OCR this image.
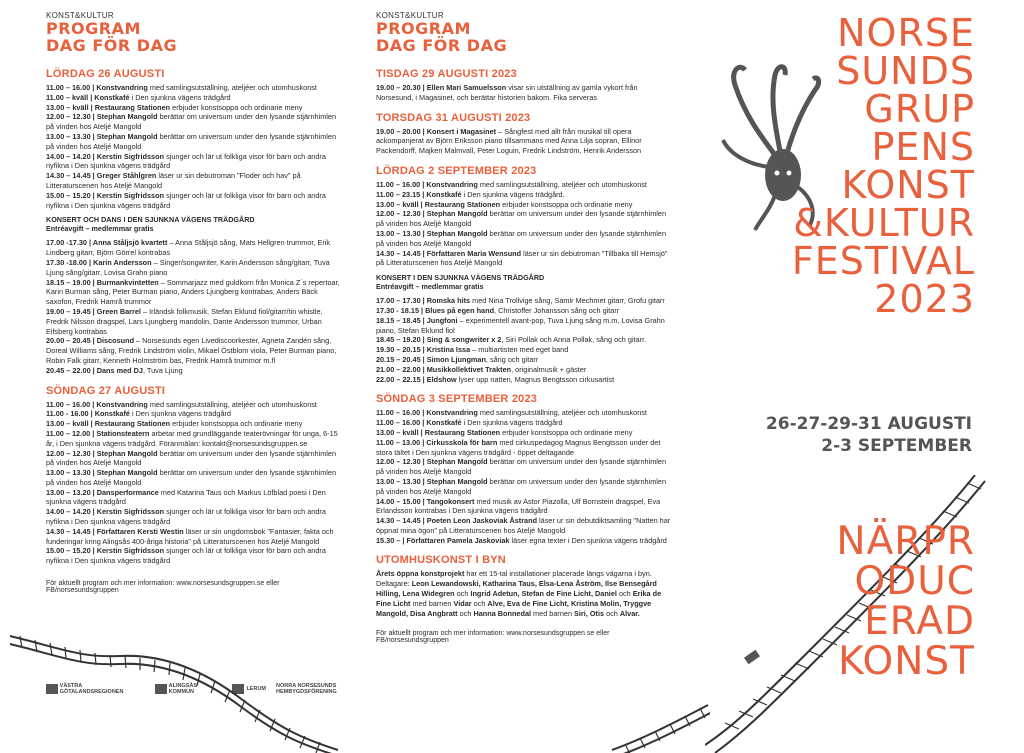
KONST&KULTUR
PROGRAM
DAG FÖR DAG
LÖRDAG 26 AUGUSTI
11.00 – 16.00 | Konstvandring med samlingsutställning, ateljéer och utomhuskonst
11.00 – kväll | Konstkafé i Den sjunkna vägens trädgård
13.00 – kväll | Restaurang Stationen erbjuder konstsoppa och ordinarie meny
12.00 – 12.30 | Stephan Mangold berättar om universum under den lysande stjärnhimlen på vinden hos Ateljé Mangold
13.00 – 13.30 | Stephan Mangold berättar om universum under den lysande stjärnhimlen på vinden hos Ateljé Mangold
14.00 – 14.20 | Kerstin Sigfridsson sjunger och lär ut folkliga visor för barn och andra nyfikna i Den sjunkna vägens trädgård
14.30 – 14.45 | Greger Ståhlgren läser ur sin debutroman "Floder och hav" på Litteraturscenen hos Ateljé Mangold
15.00 – 15.20 | Kerstin Sigfridsson sjunger och lär ut folkliga visor för barn och andra nyfikna i Den sjunkna vägens trädgård
KONSERT OCH DANS I DEN SJUNKNA VÄGENS TRÄDGÅRD
Entréavgift – medlemmar gratis
17.00 -17.30 | Anna Ståljsjö kvartett – Anna Ståljsjö sång, Mats Hellgren trummor, Erik Lindberg gitarr, Björn Görrel kontrabas
17.30 -18.00 | Karin Andersson – Singer/songwriter, Karin Andersson sång/gitarr, Tuva Ljung sång/gitarr, Lovisa Grahn piano
18.15 – 19.00 | Burmankvintetten – Sommarjazz med guldkorn från Monica Z´s repertoar, Karin Burman sång, Peter Burman piano, Anders Ljungberg kontrabas, Anders Bäck saxofon, Fredrik Hamrå trummor
19.00 – 19.45 | Green Barrel – Irländsk folkmusik, Stefan Eklund fiol/gitarr/tin whistle, Fredrik Nilsson dragspel, Lars Ljungberg mandolin, Dante Andersson trummor, Urban Eifsberg kontrabas
20.00 – 20.45 | Discosund – Norsesunds egen Livediscoorkester, Agneta Zandén sång, Doreal Williams sång, Fredrik Lindström violin, Mikael Östblom viola, Peter Burman piano, Robin Falk gitarr, Kenneth Holmström bas, Fredrik Hamrå trummor m.fl
20.45 – 22.00 | Dans med DJ, Tuva Ljung
SÖNDAG 27 AUGUSTI
11.00 – 16.00 | Konstvandring med samlingsutställning, ateljéer och utomhuskonst
11.00 - 16.00 | Konstkafé i Den sjunkna vägens trädgård
13.00 – kväll | Restaurang Stationen erbjuder konstsoppa och ordinarie meny
11.00 – 12.00 | Stationsteatern arbetar med grundläggande teaterövningar för unga, 6-15 år, i Den sjunkna vägens trädgård. Föranmälan: kontakt@norsesundsgruppen.se
12.00 – 12.30 | Stephan Mangold berättar om universum under den lysande stjärnhimlen på vinden hos Ateljé Mangold
13.00 – 13.30 | Stephan Mangold berättar om universum under den lysande stjärnhimlen på vinden hos Ateljé Mangold
13.00 – 13.20 | Dansperformance med Katarina Taus och Markus Löfblad poesi i Den sjunkna vägens trädgård
14.00 – 14.20 | Kerstin Sigfridsson sjunger och lär ut folkliga visor för barn och andra nyfikna i Den sjunkna vägens trädgård
14.30 – 14.45 | Författaren Kersti Westin läser ur sin ungdomsbok "Fantasier, fakta och funderingar kring Alingsås 400-åriga historia" på Litteraturscenen hos Ateljé Mangold
15.00 – 15.20 | Kerstin Sigfridsson sjunger och lär ut folkliga visor för barn och andra nyfikna i Den sjunkna vägens trädgård
För aktuellt program och mer information: www.norsesundsgruppen.se eller FB/norsesundsgruppen
VÄSTRA GÖTALANDSREGIONEN
ALINGSÅS KOMMUN	LERUM NORRA NORSESUNDS HEMBYGDSFÖRENING
KONST&KULTUR
PROGRAM
DAG FÖR DAG
TISDAG 29 AUGUSTI 2023
19.00 – 20.30 | Ellen Mari Samuelsson visar sin utställning av gamla vykort från Norsesund, i Magasinet, och berättar historien bakom. Fika serveras
TORSDAG 31 AUGUSTI 2023
19.00 – 20.00 | Konsert i Magasinet – Sångfest med allt från musikal till opera ackompanjerat av Björn Eriksson piano tillsammans med Anna Lilja sopran, Ellinor Packendorff, Majken Malmvall, Peter Loguin, Fredrik Lindström, Henrik Andersson
LÖRDAG 2 SEPTEMBER 2023
11.00 – 16.00 | Konstvandring med samlingsutställning, ateljéer och utomhuskonst
11.00 – 23.15 | Konstkafé i Den sjunkna vägens trädgård.
13.00 – kväll | Restaurang Stationen erbjuder konstsoppa och ordinarie meny
12.00 – 12.30 | Stephan Mangold berättar om universum under den lysande stjärnhimlen på vinden hos Ateljé Mangold
13.00 – 13.30 | Stephan Mangold berättar om universum under den lysande stjärnhimlen på vinden hos Ateljé Mangold
14.30 – 14.45 | Författaren Maria Wensund läser ur sin debutroman "Tillbaka till Hemsjö" på Litteraturscenen hos Ateljé Mangold
KONSERT I DEN SJUNKNA VÄGENS TRÄDGÅRD
Entréavgift – medlemmar gratis
17.00 – 17.30 | Romska hits med Nina Trollvige sång, Samir Mechmet gitarr, Grofu gitarr
17.30 - 18.15 | Blues på egen hand, Christoffer Johansson sång och gitarr
18.15 – 18.45 | Jungfoni – experimentell avant-pop, Tuva Ljung sång m.m, Lovisa Grahn piano, Stefan Eklund fiol
18.45 – 19.20 | Sing & songwriter x 2, Siri Pollak och Anna Pollak, sång och gitarr.
19.30 – 20.15 | Kristina Issa – multiartisten med eget band
20.15 – 20.45 | Simon Ljungman, sång och gitarr
21.00 – 22.00 | Musikkollektivet Trakten, originalmusik + gäster
22.00 – 22.15 | Eldshow lyser upp natten, Magnus Bengtsson cirkusartist
SÖNDAG 3 SEPTEMBER 2023
11.00 – 16.00 | Konstvandring med samlingsutställning, ateljéer och utomhuskonst
11.00 – 16.00 | Konstkafé i Den sjunkna vägens trädgård
13.00 – kväll | Restaurang Stationen erbjuder konstsoppa och ordinarie meny
11.00 – 13.00 | Cirkusskola för barn med cirkuspedagog Magnus Bengtsson under det stora tältet i Den sjunkna vägens trädgård - öppet deltagande
12.00 – 12.30 | Stephan Mangold berättar om universum under den lysande stjärnhimlen på vinden hos Ateljé Mangold
13.00 – 13.30 | Stephan Mangold berättar om universum under den lysande stjärnhimlen på vinden hos Ateljé Mangold
14.00 – 15.00 | Tangokonsert med musik av Astor Piazolla, Ulf Bornstein dragspel, Eva Erlandsson kontrabas i Den sjunkna vägens trädgård
14.30 – 14.45 | Poeten Leon Jaskoviak Åstrand läser ur sin debutdiktsamling "Natten har öppnat mina ögon" på Litteraturscenen hos Ateljé Mangold
15.30 – | Författaren Pamela Jaskoviak läser egna texter i Den sjunkna vägens trädgård
UTOMHUSKONST I BYN
Årets öppna konstprojekt har ett 15-tal installationer placerade längs vägarna i byn. Deltagare: Leon Lewandowski, Katharina Taus, Elsa-Lena Åström, Ilse Bensegård Hilling, Lena Widegren och Ingrid Adetun, Stefan de Fine Licht, Daniel och Erika de Fine Licht med barnen Vidar och Alve, Eva de Fine Licht, Kristina Molin, Tryggve Mangold, Disa Angbratt och Hanna Bonnedal med barnen Siri, Otis och Alvar.
För aktuellt program och mer information: www.norsesundsgruppen.se eller FB/norsesundsgruppen
NORSE
SUNDS
GRUP
PENS
KONST
&KULTUR
FESTIVAL
2023
26-27-29-31 AUGUSTI
2-3 SEPTEMBER
NÄRPR
ODUC
ERAD
KONST
